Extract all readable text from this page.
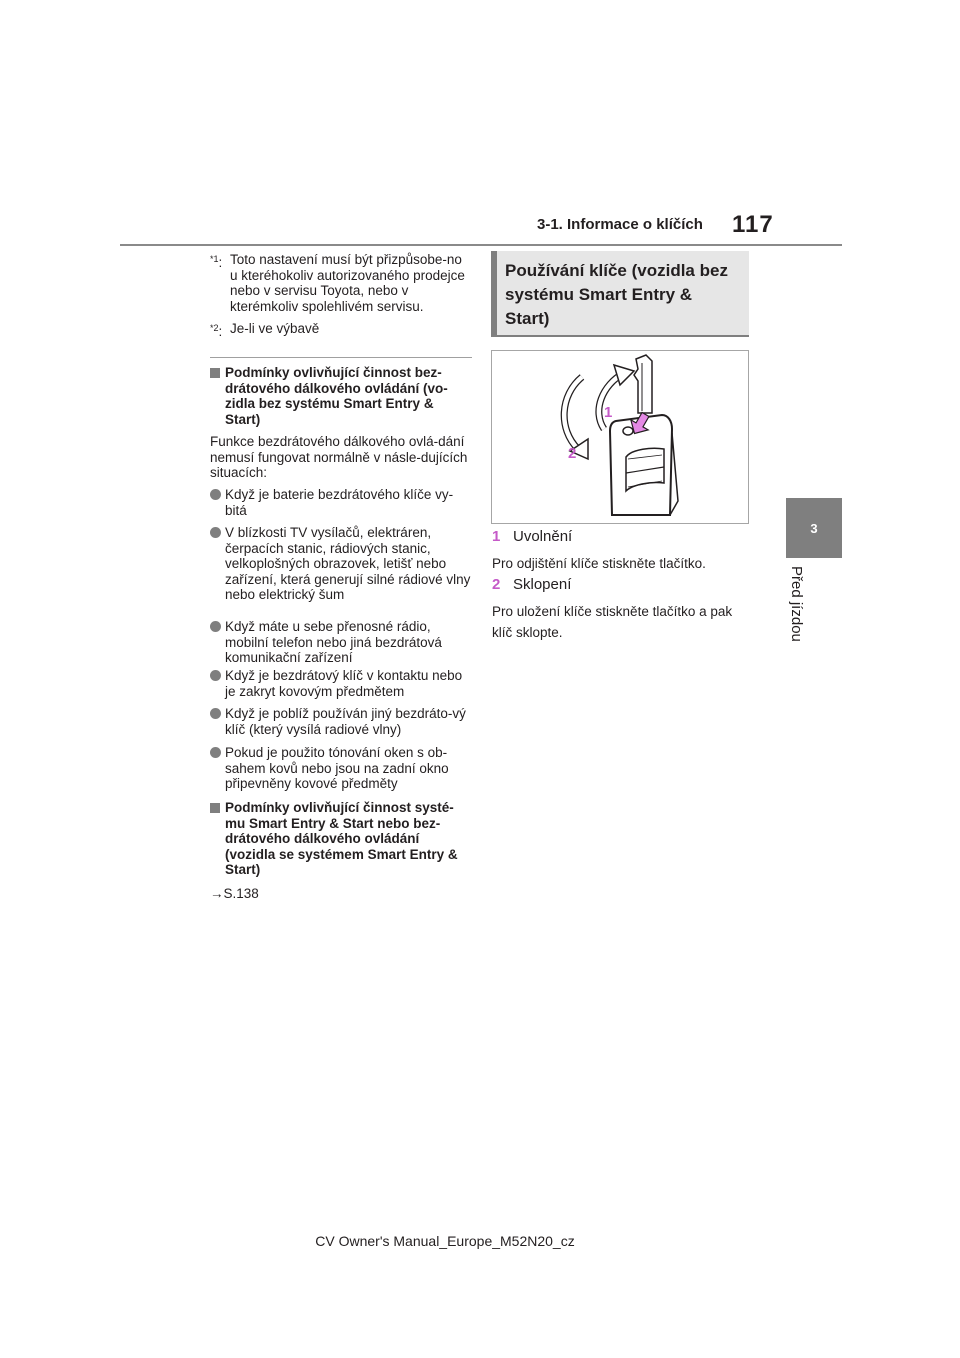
3-1. Informace o klíčích 117
3
Před jízdou
$^{*1}$: Toto nastavení musí být přizpůsobe-no u kteréhokoliv autorizovaného prodejce nebo v servisu Toyota, nebo v kterémkoliv spolehlivém servisu.
$^{*2}$: Je-li ve výbavě
Podmínky ovlivňující činnost bez-drátového dálkového ovládání (vo-zidla bez systému Smart Entry & Start)
Funkce bezdrátového dálkového ovlá-dání nemusí fungovat normálně v násle-dujících situacích:
Když je baterie bezdrátového klíče vy-bitá
V blízkosti TV vysílačů, elektráren, čerpacích stanic, rádiových stanic, velkoplošných obrazovek, letišť nebo zařízení, která generují silné rádiové vlny nebo elektrický šum
Když máte u sebe přenosné rádio, mobilní telefon nebo jiná bezdrátová komunikační zařízení
Když je bezdrátový klíč v kontaktu nebo je zakryt kovovým předmětem
Když je poblíž používán jiný bezdráto-vý klíč (který vysílá radiové vlny)
Pokud je použito tónování oken s ob-sahem kovů nebo jsou na zadní okno připevněny kovové předměty
Podmínky ovlivňující činnost systé-mu Smart Entry & Start nebo bez-drátového dálkového ovládání (vozidla se systémem Smart Entry & Start)
→S.138
Používání klíče (vozidla bez systému Smart Entry & Start)
1
2
1 Uvolnění
Pro odjištění klíče stiskněte tlačítko.
2 Sklopení
Pro uložení klíče stiskněte tlačítko a pak klíč sklopte.
CV Owner's Manual_Europe_M52N20_cz
